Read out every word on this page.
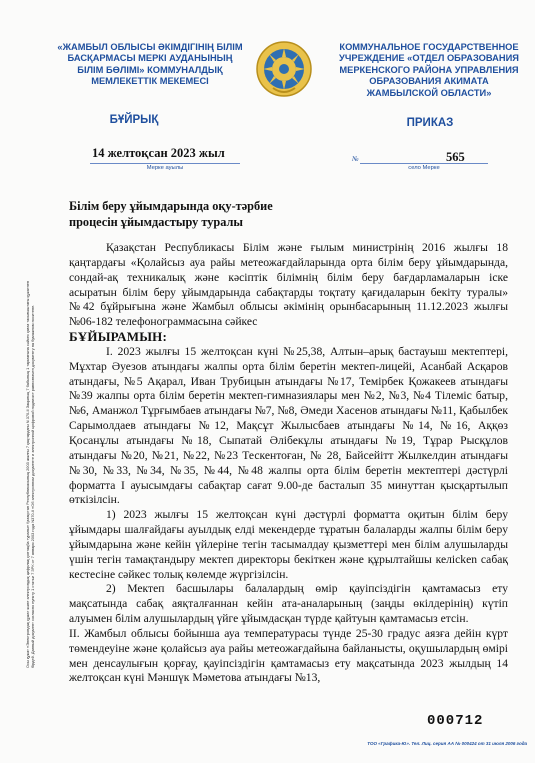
«ЖАМБЫЛ ОБЛЫСЫ ӘКІМДІГІНІҢ БІЛІМ БАСҚАРМАСЫ МЕРКІ АУДАНЫНЫҢ БІЛІМ БӨЛІМІ» КОММУНАЛДЫҚ МЕМЛЕКЕТТІК МЕКЕМЕСІ
КОММУНАЛЬНОЕ ГОСУДАРСТВЕННОЕ УЧРЕЖДЕНИЕ «ОТДЕЛ ОБРАЗОВАНИЯ МЕРКЕНСКОГО РАЙОНА УПРАВЛЕНИЯ ОБРАЗОВАНИЯ АКИМАТА ЖАМБЫЛСКОЙ ОБЛАСТИ»
БҰЙРЫҚ	ПРИКАЗ
14 желтоқсан 2023 жыл
Мерке ауылы
№	565
село Мерке
Білім беру ұйымдарында оқу-тәрбие
процесін ұйымдастыру туралы
Осы құжат «Электрондық құжат және электрондық цифрлық қолтаңба туралы» Қазақстан Республикасының 2003 жылғы 7 қаңтардағы N 370-II Заңының 7 бабының 1 тармағына сәйкес қағаз тасығыштағы құжатпен бірдей. Данный документ согласно пункту 1 статьи 7 ЗРК от 7 января 2003 года N370-II «Об электронном документе и электронной цифровой подписи» равнозначен документу на бумажном носителе.

Қазақстан Республикасы Білім және ғылым министрінің 2016 жылғы 18 қаңтардағы «Қолайсыз ауа райы метеожағдайларында орта білім беру ұйымдарында, сондай-ақ техникалық және кәсіптік білімнің білім беру бағдарламаларын іске асыратын білім беру ұйымдарында сабақтарды тоқтату қағидаларын бекіту туралы» №42 бұйрығына және Жамбыл облысы әкімінің орынбасарының 11.12.2023 жылғы №06-182 телефонограммасына сәйкес

БҰЙЫРАМЫН:

І. 2023 жылғы 15 желтоқсан күні №25,38, Алтын–арық бастауыш мектептері, Мұхтар Әуезов атындағы жалпы орта білім беретін мектеп-лицейі, Асанбай Асқаров атындағы, №5 Ақарал, Иван Трубицын атындағы №17, Темірбек Қожакеев атындағы №39 жалпы орта білім беретін мектеп-гимназиялары мен №2, №3, №4 Тілеміс батыр, №6, Аманжол Тұрғымбаев атындағы №7, №8, Әмеди Хасенов атындағы №11, Қабылбек Сарымолдаев атындағы №12, Мақсұт Жылысбаев атындағы №14, №16, Аққөз Қосанұлы атындағы №18, Сыпатай Әлібекұлы атындағы №19, Тұрар Рысқұлов атындағы №20, №21, №22, №23 Тескентоған, № 28, Байсейітт Жылкелдин атындағы №30, №33, №34, №35, №44, №48 жалпы орта білім беретін мектептері дәстүрлі форматта І ауысымдағы сабақтар сағат 9.00-де басталып 35 минуттан қысқартылып өткізілсін.

1) 2023 жылғы 15 желтоқсан күні дәстүрлі форматта оқитын білім беру ұйымдары шалғайдағы ауылдық елді мекендерде тұратын балаларды жалпы білім беру ұйымдарына және кейін үйлеріне тегін тасымалдау қызметтері мен білім алушыларды үшін тегін тамақтандыру мектеп директоры бекіткен және құрылтайшы келісken сабақ кестесіне сәйкес толық көлемде жүргізілсін.

2) Мектеп басшылары балалардың өмір қауіпсіздігін қамтамасыз ету мақсатында сабақ аяқталғаннан кейін ата-аналарының (заңды өкілдерінің) күтіп алуымен білім алушылардың үйге ұйымдасқан түрде қайтуын қамтамасыз етсін.

ІІ. Жамбыл облысы бойынша ауа температурасы түнде 25-30 градус аязға дейін күрт төмендеуіне және қолайсыз ауа райы метеожағдайына байланысты, оқушылардың өмірі мен денсаулығын қорғау, қауіпсіздігін қамтамасыз ету мақсатында 2023 жылдың 14 желтоқсан күні Мәншүк Мәметова атындағы №13,

000712
ТОО «Графика-Ю». Тел. Лиц. серия АА № 000424 от 31 июля 2006 года
